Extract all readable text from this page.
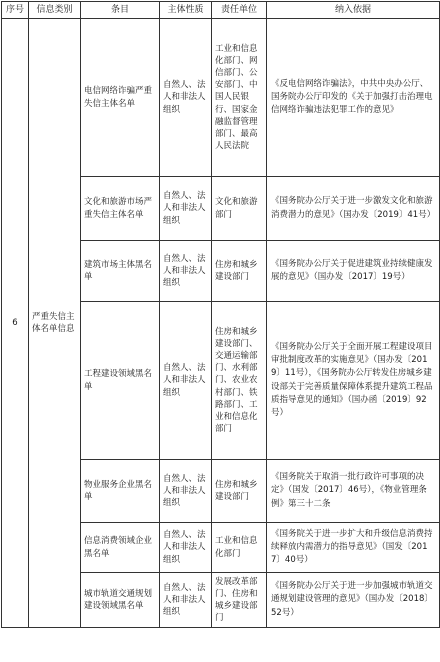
序号	信息类别	条目	主体性质	责任单位	纳入依据
6	严重失信主体名单信息	电信网络诈骗严重失信主体名单	自然人、法人和非法人组织	工业和信息化部门、网信部门、公安部门、中国人民银行、国家金融监督管理部门、最高人民法院	《反电信网络诈骗法》，中共中央办公厅、国务院办公厅印发的《关于加强打击治理电信网络诈骗违法犯罪工作的意见》
		文化和旅游市场严重失信主体名单	自然人、法人和非法人组织	文化和旅游部门	《国务院办公厅关于进一步激发文化和旅游消费潜力的意见》（国办发〔2019〕41号）
		建筑市场主体黑名单	自然人、法人和非法人组织	住房和城乡建设部门	《国务院办公厅关于促进建筑业持续健康发展的意见》（国办发〔2017〕19号）
		工程建设领域黑名单	自然人、法人和非法人组织	住房和城乡建设部门、交通运输部门、水利部门、农业农村部门、铁路部门、工业和信息化部门	《国务院办公厅关于全面开展工程建设项目审批制度改革的实施意见》（国办发〔2019〕11号），《国务院办公厅转发住房城乡建设部关于完善质量保障体系提升建筑工程品质指导意见的通知》（国办函〔2019〕92号）
		物业服务企业黑名单	自然人、法人和非法人组织	住房和城乡建设部门	《国务院关于取消一批行政许可事项的决定》（国发〔2017〕46号），《物业管理条例》第三十二条
		信息消费领域企业黑名单	自然人、法人和非法人组织	工业和信息化部门	《国务院关于进一步扩大和升级信息消费持续释放内需潜力的指导意见》（国发〔2017〕40号）
		城市轨道交通规划建设领域黑名单	自然人、法人和非法人组织	发展改革部门、住房和城乡建设部门	《国务院办公厅关于进一步加强城市轨道交通规划建设管理的意见》（国办发〔2018〕52号）
